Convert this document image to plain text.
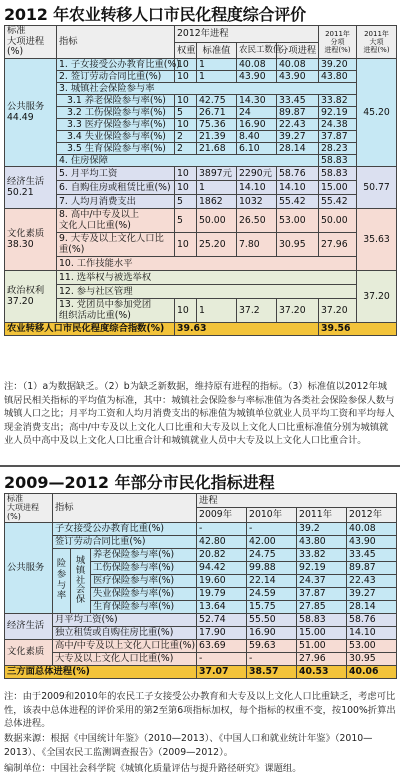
2012 年农业转移人口市民化程度综合评价
标准
大项进程(%)	指标	2012年进程				2011年
分项
进程(%)	2011年
大项
进程(%)
		权重	标准值	农民工数值	分项进程		
公共服务
44.49	1. 子女接受公办教育比重(%)	10	1	40.08	40.08	39.20	45.20
	2. 签订劳动合同比重(%)	10	1	43.90	43.90	43.80	
	3. 城镇社会保险参与率						
	3.1 养老保险参与率(%)	10	42.75	14.30	33.45	33.82	
	3.2 工伤保险参与率(%)	5	26.71	24	89.87	92.19	
	3.3 医疗保险参与率(%)	10	75.36	16.90	22.43	24.38	
	3.4 失业保险参与率(%)	2	21.39	8.40	39.27	37.87	
	3.5 生育保险参与率(%)	2	21.68	6.10	28.14	28.23	
	4. 住房保障					58.83	
经济生活
50.21	5. 月平均工资	10	3897元	2290元	58.76	58.83	50.77
	6. 自购住房或租赁比重(%)	10	1	14.10	14.10	15.00	
	7. 人均月消费支出	5	1862	1032	55.42	55.42	
文化素质
38.30	8. 高中/中专及以上
文化人口比重(%)	5	50.00	26.50	53.00	50.00	35.63
	9. 大专及以上文化人口比重(%)	10	25.20	7.80	30.95	27.96	
	10. 工作技能水平						
政治权利
37.20	11. 选举权与被选举权						37.20
	12. 参与社区管理						
	13. 党团员中参加党团
组织活动比重(%)	10	1	37.2	37.20	37.20	
农业转移人口市民化程度综合指数(%)		39.63				39.56	
注：（1）a为数据缺乏。（2）b为缺乏新数据，维持原有进程的指标。（3）标准值以2012年城镇居民相关指标的平均值为标准，其中：城镇社会保险参与率标准值为各类社会保险参保人数与城镇人口之比；月平均工资和人均月消费支出的标准值为城镇单位就业人员平均工资和平均每人现金消费支出；高中/中专及以上文化人口比重和大专及以上文化人口比重标准值分别为城镇就业人员中高中及以上文化人口比重合计和城镇就业人员中大专及以上文化人口比重合计。
2009—2012 年部分市民化指标进程
标准
大项进程(%)	指标			进程			
				2009年	2010年	2011年	2012年
公共服务	子女接受公办教育比重(%)			-	-	39.2	40.08
	签订劳动合同比重(%)			42.80	42.00	43.80	43.90
	险参与率	城镇社会保	养老保险参与率(%)	20.82	24.75	33.82	33.45
			工伤保险参与率(%)	94.42	99.88	92.19	89.87
			医疗保险参与率(%)	19.60	22.14	24.37	22.43
			失业保险参与率(%)	19.79	24.59	37.87	39.27
			生育保险参与率(%)	13.64	15.75	27.85	28.14
经济生活	月平均工资(%)			52.74	55.50	58.83	58.76
	独立租赁或自购住房比重(%)			17.90	16.90	15.00	14.10
文化素质	高中/中专及以上文化人口比重(%)			63.69	59.63	51.00	53.00
	大专及以上文化人口比重(%)			-	-	27.96	30.95
三方面总体进程(%)				37.07	38.57	40.53	40.06
注：由于2009和2010年的农民工子女接受公办教育和大专及以上文化人口比重缺乏，考虑可比性，该表中总体进程的评价采用的第2至第6项指标加权，每个指标的权重不变，按100%折算出总体进程。
数据来源：根据《中国统计年鉴》（2010—2013）、《中国人口和就业统计年鉴》（2010—2013）、《全国农民工监测调查报告》（2009—2012）。
编制单位：中国社会科学院《城镇化质量评估与提升路径研究》课题组。
